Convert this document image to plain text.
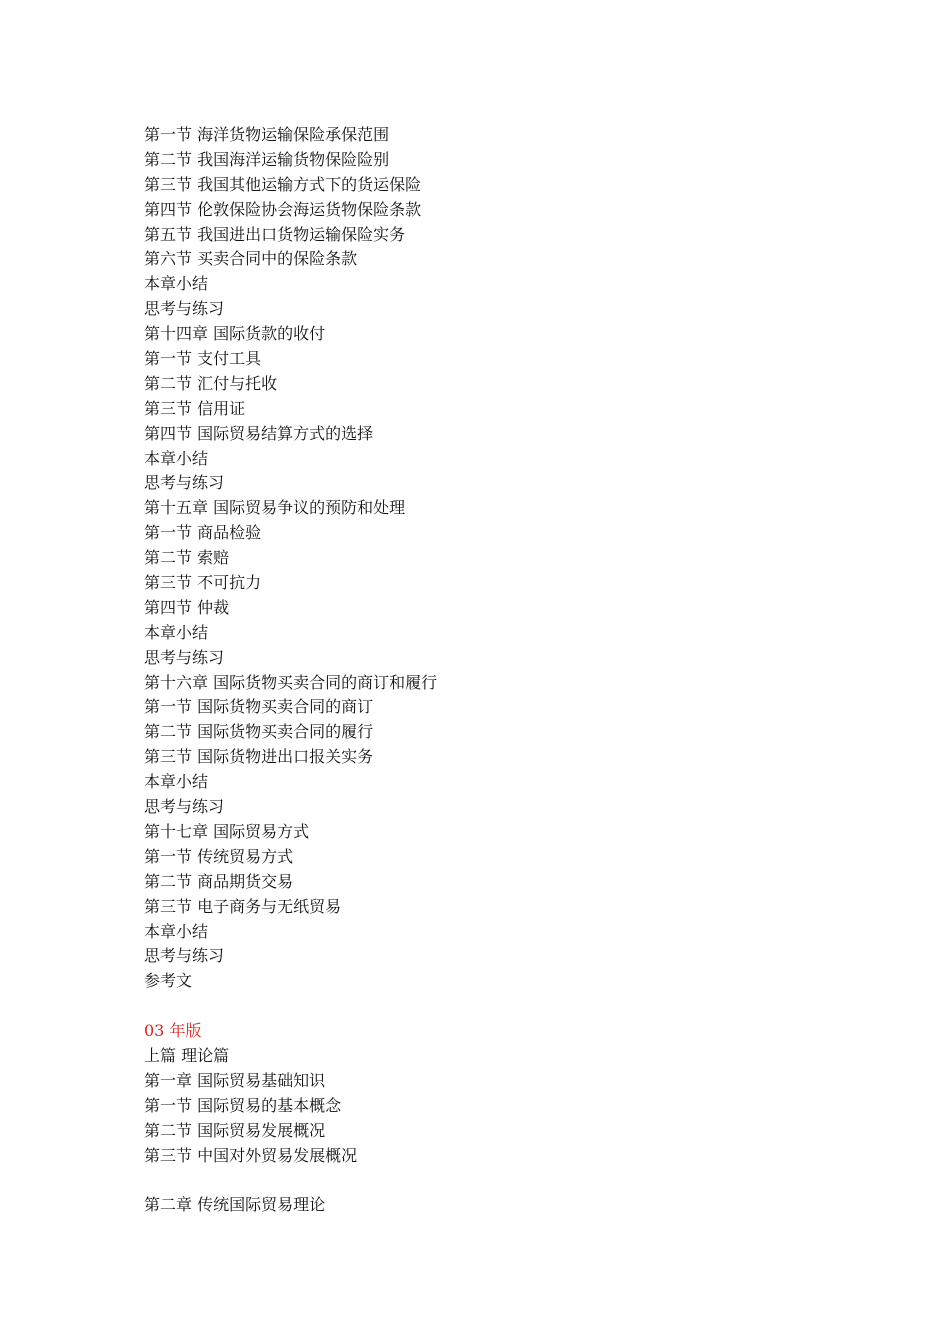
第一节 海洋货物运输保险承保范围
第二节 我国海洋运输货物保险险别
第三节 我国其他运输方式下的货运保险
第四节 伦敦保险协会海运货物保险条款
第五节 我国进出口货物运输保险实务
第六节 买卖合同中的保险条款
本章小结
思考与练习
第十四章 国际货款的收付
第一节 支付工具
第二节 汇付与托收
第三节 信用证
第四节 国际贸易结算方式的选择
本章小结
思考与练习
第十五章 国际贸易争议的预防和处理
第一节 商品检验
第二节 索赔
第三节 不可抗力
第四节 仲裁
本章小结
思考与练习
第十六章 国际货物买卖合同的商订和履行
第一节 国际货物买卖合同的商订
第二节 国际货物买卖合同的履行
第三节 国际货物进出口报关实务
本章小结
思考与练习
第十七章 国际贸易方式
第一节 传统贸易方式
第二节 商品期货交易
第三节 电子商务与无纸贸易
本章小结
思考与练习
参考文
03 年版
上篇 理论篇
第一章 国际贸易基础知识
第一节 国际贸易的基本概念
第二节 国际贸易发展概况
第三节 中国对外贸易发展概况
第二章 传统国际贸易理论
